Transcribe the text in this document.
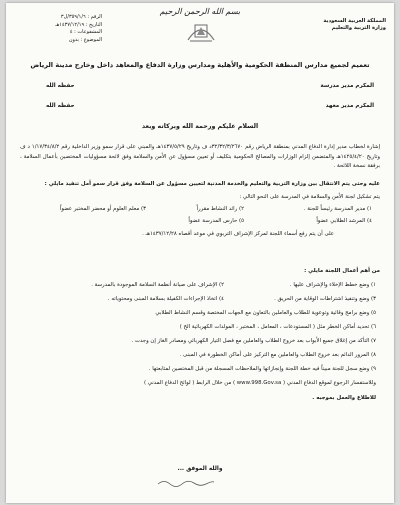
بسم الله الرحمن الرحيم
المملكة العربية السعودية
وزارة التربية والتعليم
الرقم : ٣٥٩/١/٦/ل٣
التاريخ : ١٤٣٧/١٢/١٩هـ
المشفوعات : ٤
الموضوع : بدون
تعميم لجميع مدارس المنطقة الحكومية والأهلية ومدارس وزارة الدفاع والمعاهد داخل وخارج مدينة الرياض
المكرم مدير مدرسة
حفظه الله
المكرم مدير معهد
حفظه الله
السلام عليكم ورحمة الله وبركاته وبعد
إشارة لخطاب مدير إدارة الدفاع المدني بمنطقة الرياض رقم ٣٢/٣٢/٣/٢٦٧٠د ف وتاريخ ١٤٣٧/٥/٢٩هـ والمبني على قرار سمو وزير الداخلية رقم ١/١٧/٣٤/٨/٢ د ف وتاريخ ١٤٢٥/٤/٢٠هـ والمتضمن إلزام الوزارات والمصالح الحكومية بتكليف أو تعيين مسؤول عن الأمن والسلامة وفق لائحة مسؤوليات المختصين بأعمال السلامة ، برفقة نسخة اللائحة .
عليه وحتى يتم الانتقال بين وزارة التربية والتعليم والخدمة المدنية لتعيين مسؤول عن السلامة وفق قرار سمو أمل تنفيذ مايلي :
يتم تشكيل لجنة الأمن والسلامة في المدرسة على النحو التالي :
١) مدير المدرسة رئيساً للجنة .
٢) رائد النشاط مقرراً
٣) معلم العلوم أو محضر المختبر عضواً
٤) المرشد الطلابي عضواً
٥) حارس المدرسة عضواً
على أن يتم رفع أسماء اللجنة لمركز الإشراف التربوي في موعد أقصاه ١٤٣٧/١٢/٢٨هـ .
من أهم أعمال اللجنة مايلي :
١) وضع خطط الإخلاء والإشراف عليها .
٢) الإشراف على صيانة أنظمة السلامة الموجودة بالمدرسة .
٣) وضع وتنفيذ اشتراطات الوقاية من الحريق .
٤) اتخاذ الإجراءات الكفيلة بسلامة المبنى ومحتوياته .
٥) وضع برامج وقائية وتوعوية للطلاب والعاملين بالتعاون مع الجهات المختصة وقسم النشاط الطلابي
٦) تحديد أماكن الخطر مثل ( المستودعات ، المعامل ، المختبر ، المولدات الكهربائية الخ )
٧) التأكد من إغلاق جميع الأبواب بعد خروج الطلاب والعاملين مع فصل التيار الكهربائي ومصادر الغاز إن وجدت .
٨) المرور الدائم بعد خروج الطلاب والعاملين مع التركيز على أماكن الخطورة في المبنى .
٩) وضع سجل للجنة مبيناً فيه خطة اللجنة وإنجازاتها والملاحظات المسجلة من قبل المختصين لمتابعتها .
وللاستفسار الرجوع لموقع الدفاع المدني ( www.998.Gov.sa ) من خلال الرابط ( لوائح الدفاع المدني )
للاطلاع والعمل بموجبه .
والله الموفق ...
